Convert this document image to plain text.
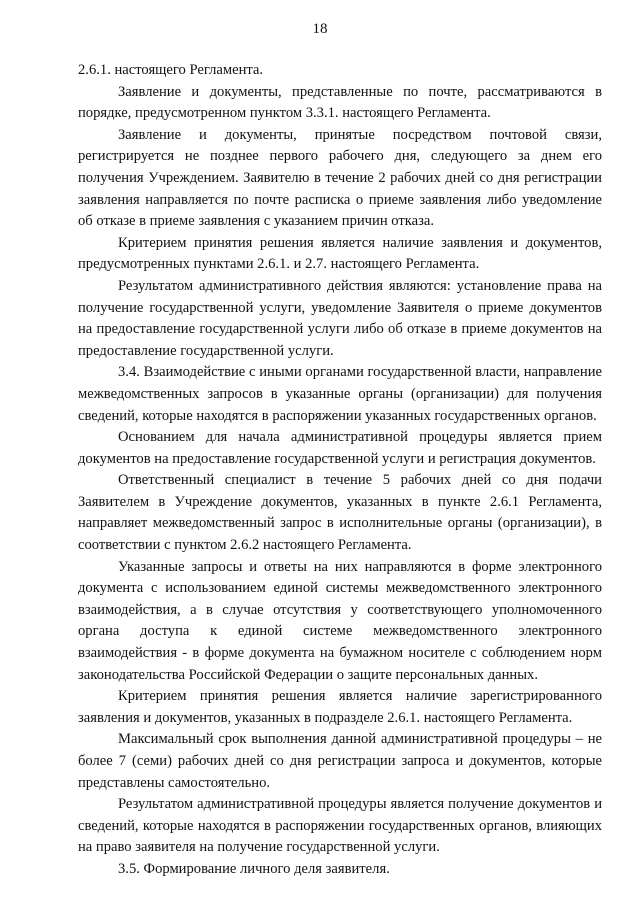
18

2.6.1. настоящего Регламента.

Заявление и документы, представленные по почте, рассматриваются в порядке, предусмотренном пунктом 3.3.1. настоящего Регламента.

Заявление и документы, принятые посредством почтовой связи, регистрируется не позднее первого рабочего дня, следующего за днем его получения Учреждением. Заявителю в течение 2 рабочих дней со дня регистрации заявления направляется по почте расписка о приеме заявления либо уведомление об отказе в приеме заявления с указанием причин отказа.

Критерием принятия решения является наличие заявления и документов, предусмотренных пунктами 2.6.1. и 2.7. настоящего Регламента.

Результатом административного действия являются: установление права на получение государственной услуги, уведомление Заявителя о приеме документов на предоставление государственной услуги либо об отказе в приеме документов на предоставление государственной услуги.

3.4. Взаимодействие с иными органами государственной власти, направление межведомственных запросов в указанные органы (организации) для получения сведений, которые находятся в распоряжении указанных государственных органов.

Основанием для начала административной процедуры является прием документов на предоставление государственной услуги и регистрация документов.

Ответственный специалист в течение 5 рабочих дней со дня подачи Заявителем в Учреждение документов, указанных в пункте 2.6.1 Регламента, направляет межведомственный запрос в исполнительные органы (организации), в соответствии с пунктом 2.6.2 настоящего Регламента.

Указанные запросы и ответы на них направляются в форме электронного документа с использованием единой системы межведомственного электронного взаимодействия, а в случае отсутствия у соответствующего уполномоченного органа доступа к единой системе межведомственного электронного взаимодействия - в форме документа на бумажном носителе с соблюдением норм законодательства Российской Федерации о защите персональных данных.

Критерием принятия решения является наличие зарегистрированного заявления и документов, указанных в подразделе 2.6.1. настоящего Регламента.

Максимальный срок выполнения данной административной процедуры – не более 7 (семи) рабочих дней со дня регистрации запроса и документов, которые представлены самостоятельно.

Результатом административной процедуры является получение документов и сведений, которые находятся в распоряжении государственных органов, влияющих на право заявителя на получение государственной услуги.

3.5. Формирование личного деля заявителя.
